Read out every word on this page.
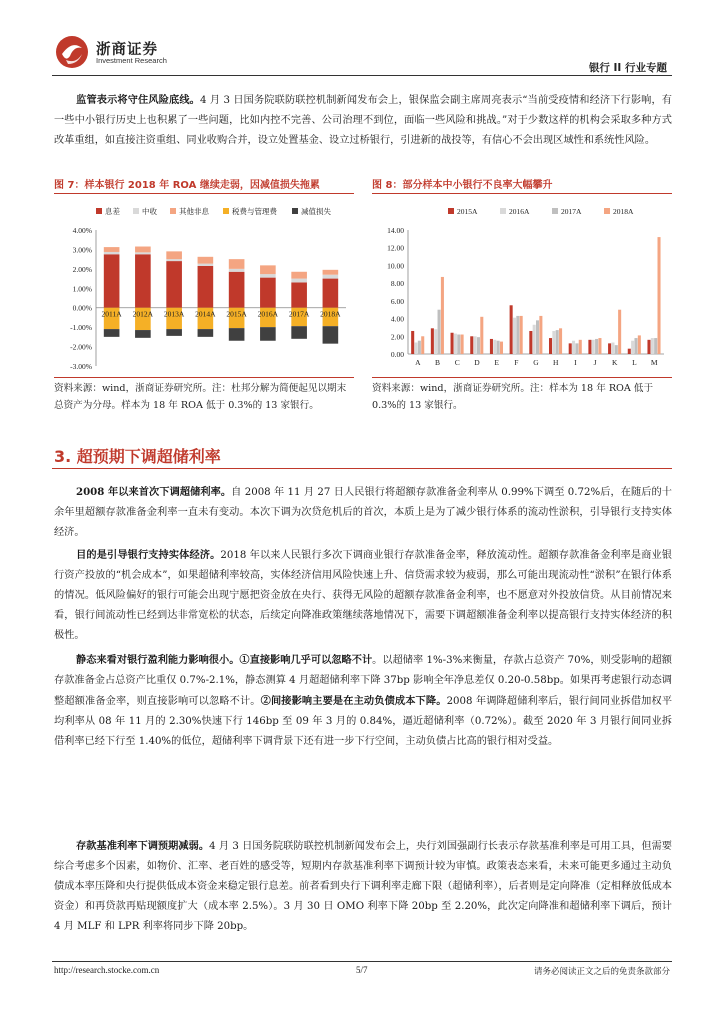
浙商证券
Investment Research
银行 II 行业专题
监管表示将守住风险底线。4 月 3 日国务院联防联控机制新闻发布会上，银保监会副主席周亮表示“当前受疫情和经济下行影响，有一些中小银行历史上也积累了一些问题，比如内控不完善、公司治理不到位，面临一些风险和挑战。”对于少数这样的机构会采取多种方式改革重组，如直接注资重组、同业收购合并，设立处置基金、设立过桥银行，引进新的战投等，有信心不会出现区域性和系统性风险。
图 7：样本银行 2018 年 ROA 继续走弱，因减值损失拖累
息差	中收	其他非息	税费与管理费	减值损失
4.00%
3.00%
2.00%
1.00%
0.00%
-1.00%
-2.00%
-3.00%
2011A 2012A 2013A 2014A 2015A 2016A 2017A 2018A
资料来源：wind，浙商证券研究所。注：杜邦分解为简便起见以期末总资产为分母。样本为 18 年 ROA 低于 0.3%的 13 家银行。
图 8：部分样本中小银行不良率大幅攀升
2015A	2016A	2017A	2018A
14.00
12.00
10.00
8.00
6.00
4.00
2.00
0.00
A B C D E F G H I J K L M
资料来源：wind，浙商证券研究所。注：样本为 18 年 ROA 低于 0.3%的 13 家银行。
3. 超预期下调超储利率
2008 年以来首次下调超储利率。自 2008 年 11 月 27 日人民银行将超额存款准备金利率从 0.99%下调至 0.72%后，在随后的十余年里超额存款准备金利率一直未有变动。本次下调为次贷危机后的首次，本质上是为了减少银行体系的流动性淤积，引导银行支持实体经济。
目的是引导银行支持实体经济。2018 年以来人民银行多次下调商业银行存款准备金率，释放流动性。超额存款准备金利率是商业银行资产投放的“机会成本”，如果超储利率较高，实体经济信用风险快速上升、信贷需求较为疲弱，那么可能出现流动性“淤积”在银行体系的情况。低风险偏好的银行可能会出现宁愿把资金放在央行、获得无风险的超额存款准备金利率，也不愿意对外投放信贷。从目前情况来看，银行间流动性已经到达非常宽松的状态，后续定向降准政策继续落地情况下，需要下调超额准备金利率以提高银行支持实体经济的积极性。
静态来看对银行盈利能力影响很小。①直接影响几乎可以忽略不计。以超储率 1%-3%来衡量，存款占总资产 70%，则受影响的超额存款准备金占总资产比重仅 0.7%-2.1%，静态测算 4 月超超储利率下降 37bp 影响全年净息差仅 0.20-0.58bp。如果再考虑银行动态调整超额准备金率，则直接影响可以忽略不计。②间接影响主要是在主动负债成本下降。2008 年调降超储利率后，银行间同业拆借加权平均利率从 08 年 11 月的 2.30%快速下行 146bp 至 09 年 3 月的 0.84%，逼近超储利率（0.72%）。截至 2020 年 3 月银行间同业拆借利率已经下行至 1.40%的低位，超储利率下调背景下还有进一步下行空间，主动负债占比高的银行相对受益。
存款基准利率下调预期减弱。4 月 3 日国务院联防联控机制新闻发布会上，央行刘国强副行长表示存款基准利率是可用工具，但需要综合考虑多个因素，如物价、汇率、老百姓的感受等，短期内存款基准利率下调预计较为审慎。政策表态来看，未来可能更多通过主动负债成本率压降和央行提供低成本资金来稳定银行息差。前者看到央行下调利率走廊下限（超储利率），后者则是定向降准（定相释放低成本资金）和再贷款再贴现额度扩大（成本率 2.5%）。3 月 30 日 OMO 利率下降 20bp 至 2.20%，此次定向降准和超储利率下调后，预计 4 月 MLF 和 LPR 利率将同步下降 20bp。
http://research.stocke.com.cn	5/7	请务必阅读正文之后的免责条款部分
